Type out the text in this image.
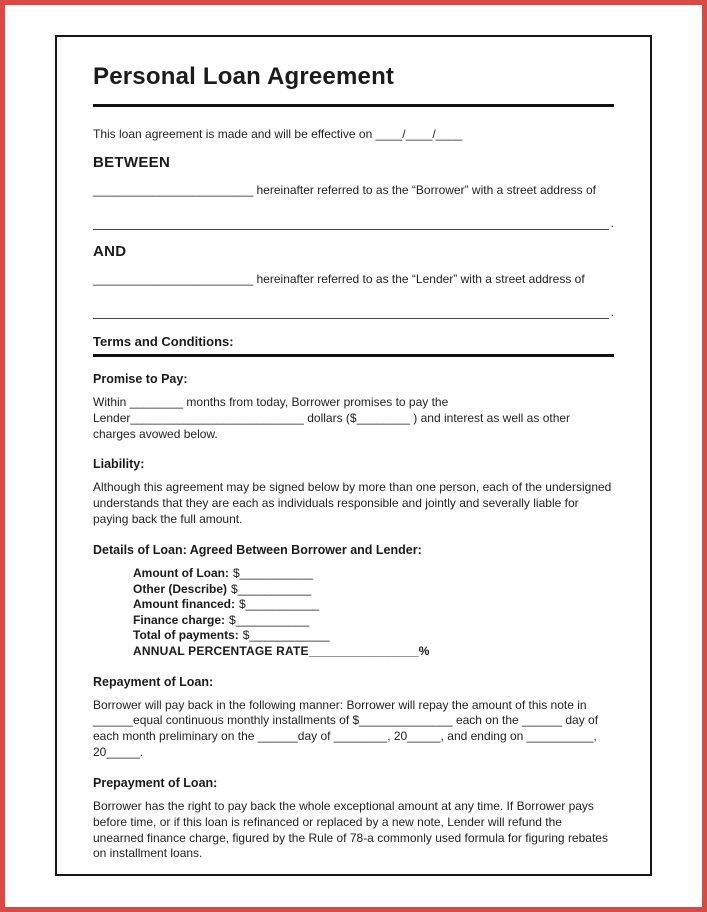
Personal Loan Agreement

This loan agreement is made and will be effective on ____/____/____

BETWEEN

________________________ hereinafter referred to as the “Borrower” with a street address of

.
AND

________________________ hereinafter referred to as the “Lender” with a street address of

.
Terms and Conditions:
Promise to Pay:

Within ________ months from today, Borrower promises to pay the Lender__________________________ dollars ($________ ) and interest as well as other charges avowed below.

Liability:

Although this agreement may be signed below by more than one person, each of the undersigned understands that they are each as individuals responsible and jointly and severally liable for paying back the full amount.

Details of Loan: Agreed Between Borrower and Lender:
Amount of Loan: $___________
Other (Describe) $___________
Amount financed: $___________
Finance charge: $___________
Total of payments: $____________
ANNUAL PERCENTAGE RATE________________%
Repayment of Loan:

Borrower will pay back in the following manner: Borrower will repay the amount of this note in ______equal continuous monthly installments of $______________ each on the ______ day of each month preliminary on the ______day of ________, 20_____, and ending on __________, 20_____.

Prepayment of Loan:

Borrower has the right to pay back the whole exceptional amount at any time. If Borrower pays before time, or if this loan is refinanced or replaced by a new note, Lender will refund the unearned finance charge, figured by the Rule of 78-a commonly used formula for figuring rebates on installment loans.
